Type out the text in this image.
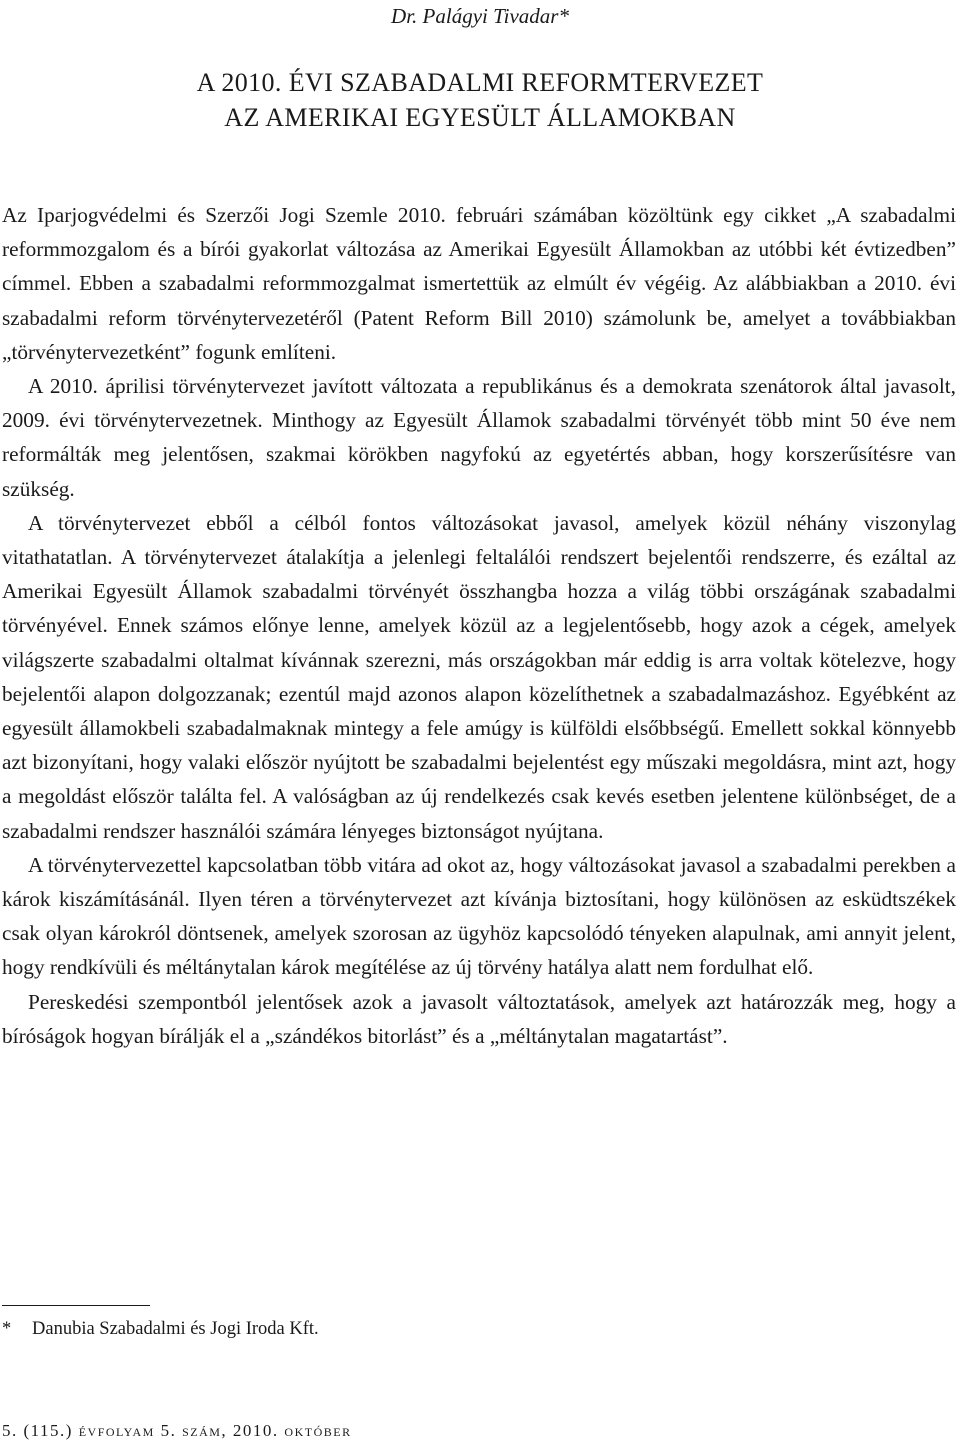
Dr. Palágyi Tivadar*
A 2010. ÉVI SZABADALMI REFORMTERVEZET
AZ AMERIKAI EGYESÜLT ÁLLAMOKBAN

Az Iparjogvédelmi és Szerzői Jogi Szemle 2010. februári számában közöltünk egy cikket „A szabadalmi reformmozgalom és a bírói gyakorlat változása az Amerikai Egyesült Államokban az utóbbi két évtizedben” címmel. Ebben a szabadalmi reformmozgalmat ismertettük az elmúlt év végéig. Az alábbiakban a 2010. évi szabadalmi reform törvénytervezetéről (Patent Reform Bill 2010) számolunk be, amelyet a továbbiakban „törvénytervezetként” fogunk említeni.

A 2010. áprilisi törvénytervezet javított változata a republikánus és a demokrata szenátorok által javasolt, 2009. évi törvénytervezetnek. Minthogy az Egyesült Államok szabadalmi törvényét több mint 50 éve nem reformálták meg jelentősen, szakmai körökben nagyfokú az egyetértés abban, hogy korszerűsítésre van szükség.

A törvénytervezet ebből a célból fontos változásokat javasol, amelyek közül néhány viszonylag vitathatatlan. A törvénytervezet átalakítja a jelenlegi feltalálói rendszert bejelentői rendszerre, és ezáltal az Amerikai Egyesült Államok szabadalmi törvényét összhangba hozza a világ többi országának szabadalmi törvényével. Ennek számos előnye lenne, amelyek közül az a legjelentősebb, hogy azok a cégek, amelyek világszerte szabadalmi oltalmat kívánnak szerezni, más országokban már eddig is arra voltak kötelezve, hogy bejelentői alapon dolgozzanak; ezentúl majd azonos alapon közelíthetnek a szabadalmazáshoz. Egyébként az egyesült államokbeli szabadalmaknak mintegy a fele amúgy is külföldi elsőbbségű. Emellett sokkal könnyebb azt bizonyítani, hogy valaki először nyújtott be szabadalmi bejelentést egy műszaki megoldásra, mint azt, hogy a megoldást először találta fel. A valóságban az új rendelkezés csak kevés esetben jelentene különbséget, de a szabadalmi rendszer használói számára lényeges biztonságot nyújtana.

A törvénytervezettel kapcsolatban több vitára ad okot az, hogy változásokat javasol a szabadalmi perekben a károk kiszámításánál. Ilyen téren a törvénytervezet azt kívánja biztosítani, hogy különösen az esküdtszékek csak olyan károkról döntsenek, amelyek szorosan az ügyhöz kapcsolódó tényeken alapulnak, ami annyit jelent, hogy rendkívüli és méltánytalan károk megítélése az új törvény hatálya alatt nem fordulhat elő.

Pereskedési szempontból jelentősek azok a javasolt változtatások, amelyek azt határozzák meg, hogy a bíróságok hogyan bírálják el a „szándékos bitorlást” és a „méltánytalan magatartást”.

* Danubia Szabadalmi és Jogi Iroda Kft.
5. (115.) évfolyam 5. szám, 2010. október
